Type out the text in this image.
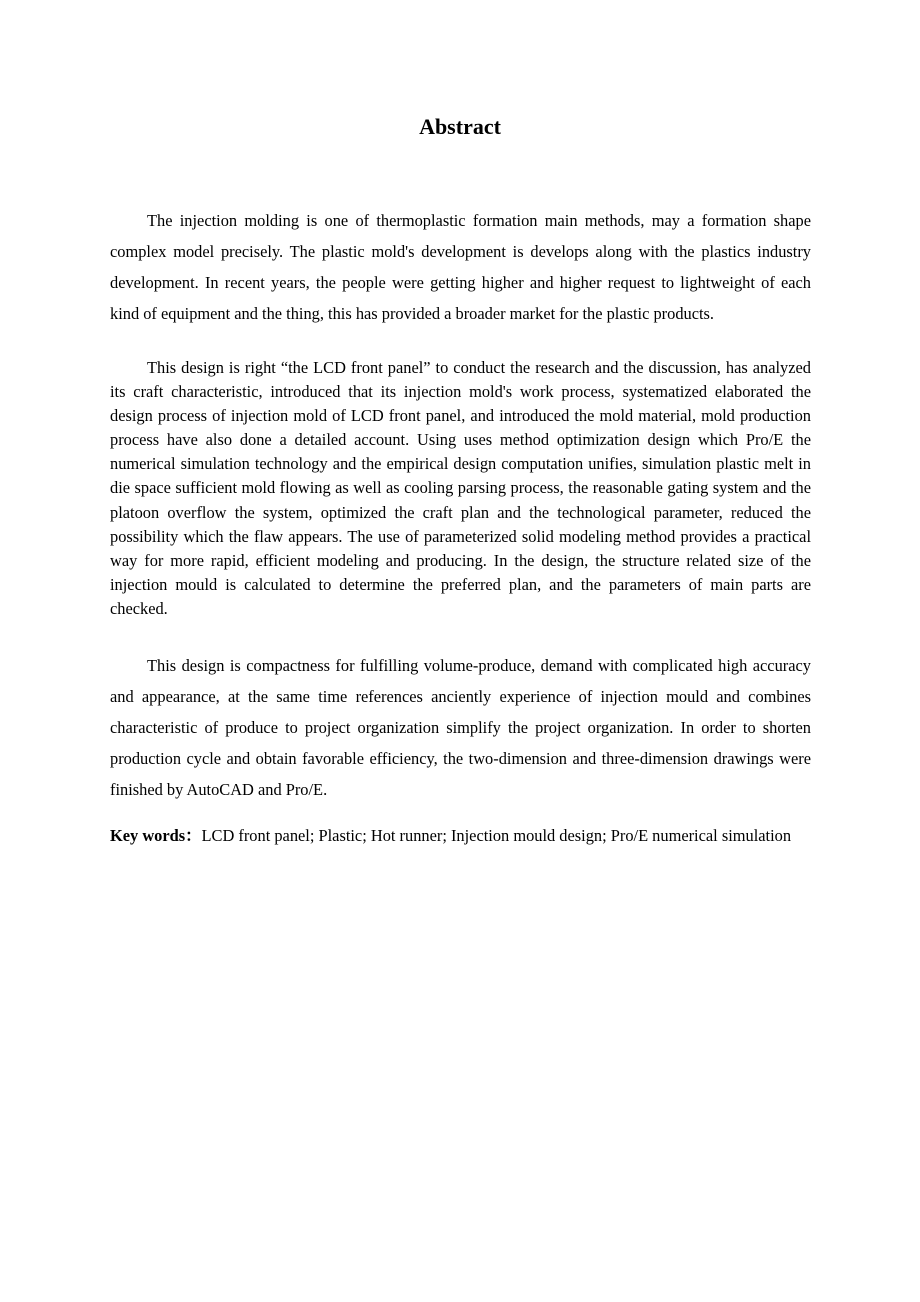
Abstract

The injection molding is one of thermoplastic formation main methods, may a formation shape complex model precisely. The plastic mold's development is develops along with the plastics industry development. In recent years, the people were getting higher and higher request to lightweight of each kind of equipment and the thing, this has provided a broader market for the plastic products.

This design is right “the LCD front panel” to conduct the research and the discussion, has analyzed its craft characteristic, introduced that its injection mold's work process, systematized elaborated the design process of injection mold of LCD front panel, and introduced the mold material, mold production process have also done a detailed account. Using uses method optimization design which Pro/E the numerical simulation technology and the empirical design computation unifies, simulation plastic melt in die space sufficient mold flowing as well as cooling parsing process, the reasonable gating system and the platoon overflow the system, optimized the craft plan and the technological parameter, reduced the possibility which the flaw appears. The use of parameterized solid modeling method provides a practical way for more rapid, efficient modeling and producing. In the design, the structure related size of the injection mould is calculated to determine the preferred plan, and the parameters of main parts are checked.

This design is compactness for fulfilling volume-produce, demand with complicated high accuracy and appearance, at the same time references anciently experience of injection mould and combines characteristic of produce to project organization simplify the project organization. In order to shorten production cycle and obtain favorable efficiency, the two-dimension and three-dimension drawings were finished by AutoCAD and Pro/E.

Key words：LCD front panel; Plastic; Hot runner; Injection mould design; Pro/E numerical simulation
